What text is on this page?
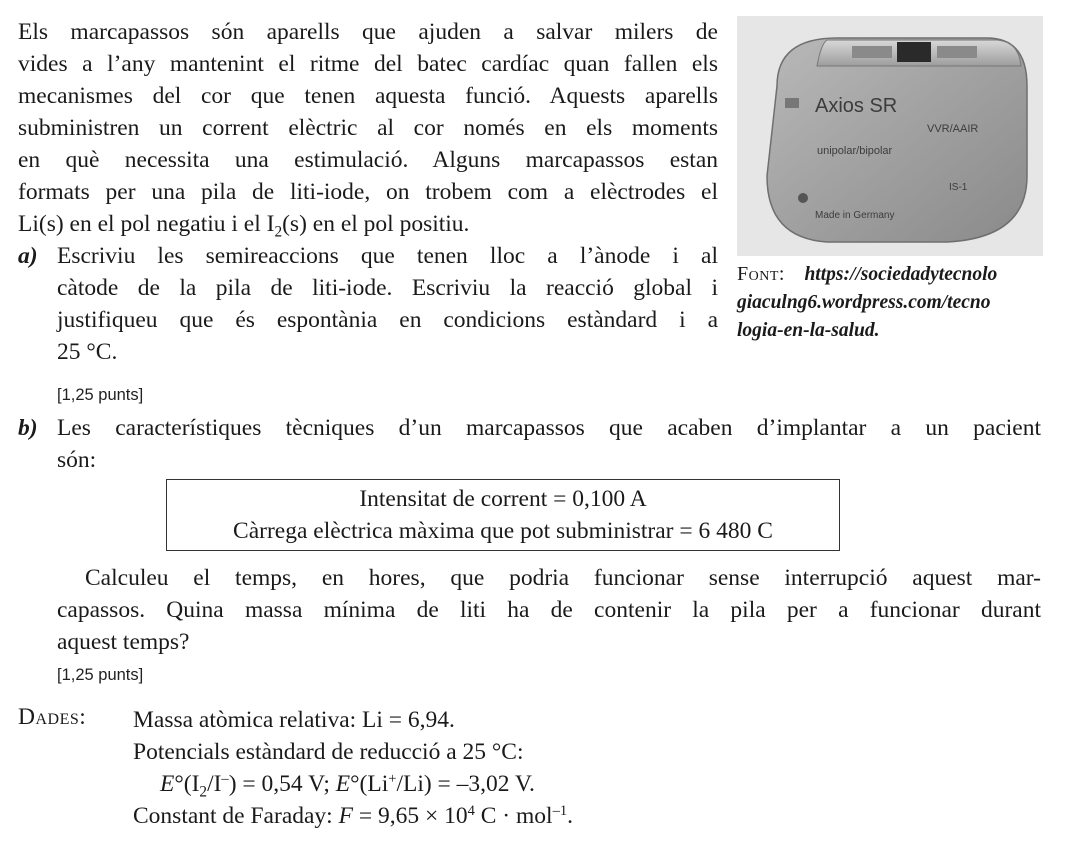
Els marcapassos són aparells que ajuden a salvar milers de
vides a l’any mantenint el ritme del batec cardíac quan fallen els
mecanismes del cor que tenen aquesta funció. Aquests aparells
subministren un corrent elèctric al cor només en els moments
en què necessita una estimulació. Alguns marcapassos estan
formats per una pila de liti-iode, on trobem com a elèctrodes el
Li(s) en el pol negatiu i el $I_2(s)$ en el pol positiu.
a) Escriviu les semireaccions que tenen lloc a l’ànode i al
càtode de la pila de liti-iode. Escriviu la reacció global i
justifiqueu que és espontània en condicions estàndard i a
25 °C.
[1,25 punts]
Axios SR
VVR/AAIR
unipolar/bipolar
IS-1
Made in Germany
Font: https://sociedadytecnolo
giaculng6.wordpress.com/tecno
logia-en-la-salud.
b) Les característiques tècniques d’un marcapassos que acaben d’implantar a un pacient
són:
Intensitat de corrent = 0,100 A
Càrrega elèctrica màxima que pot subministrar = 6 480 C
Calculeu el temps, en hores, que podria funcionar sense interrupció aquest mar-
capassos. Quina massa mínima de liti ha de contenir la pila per a funcionar durant
aquest temps?
[1,25 punts]
Dades: Massa atòmica relativa: Li = 6,94.
Potencials estàndard de reducció a 25 °C:
$E^\circ(I_2/I^-) = 0,54$ V; E°(Li+/Li) = –3,02 V.
Constant de Faraday: $F = 9,65 \times 10^4$ C · mol$^{-1}$.
